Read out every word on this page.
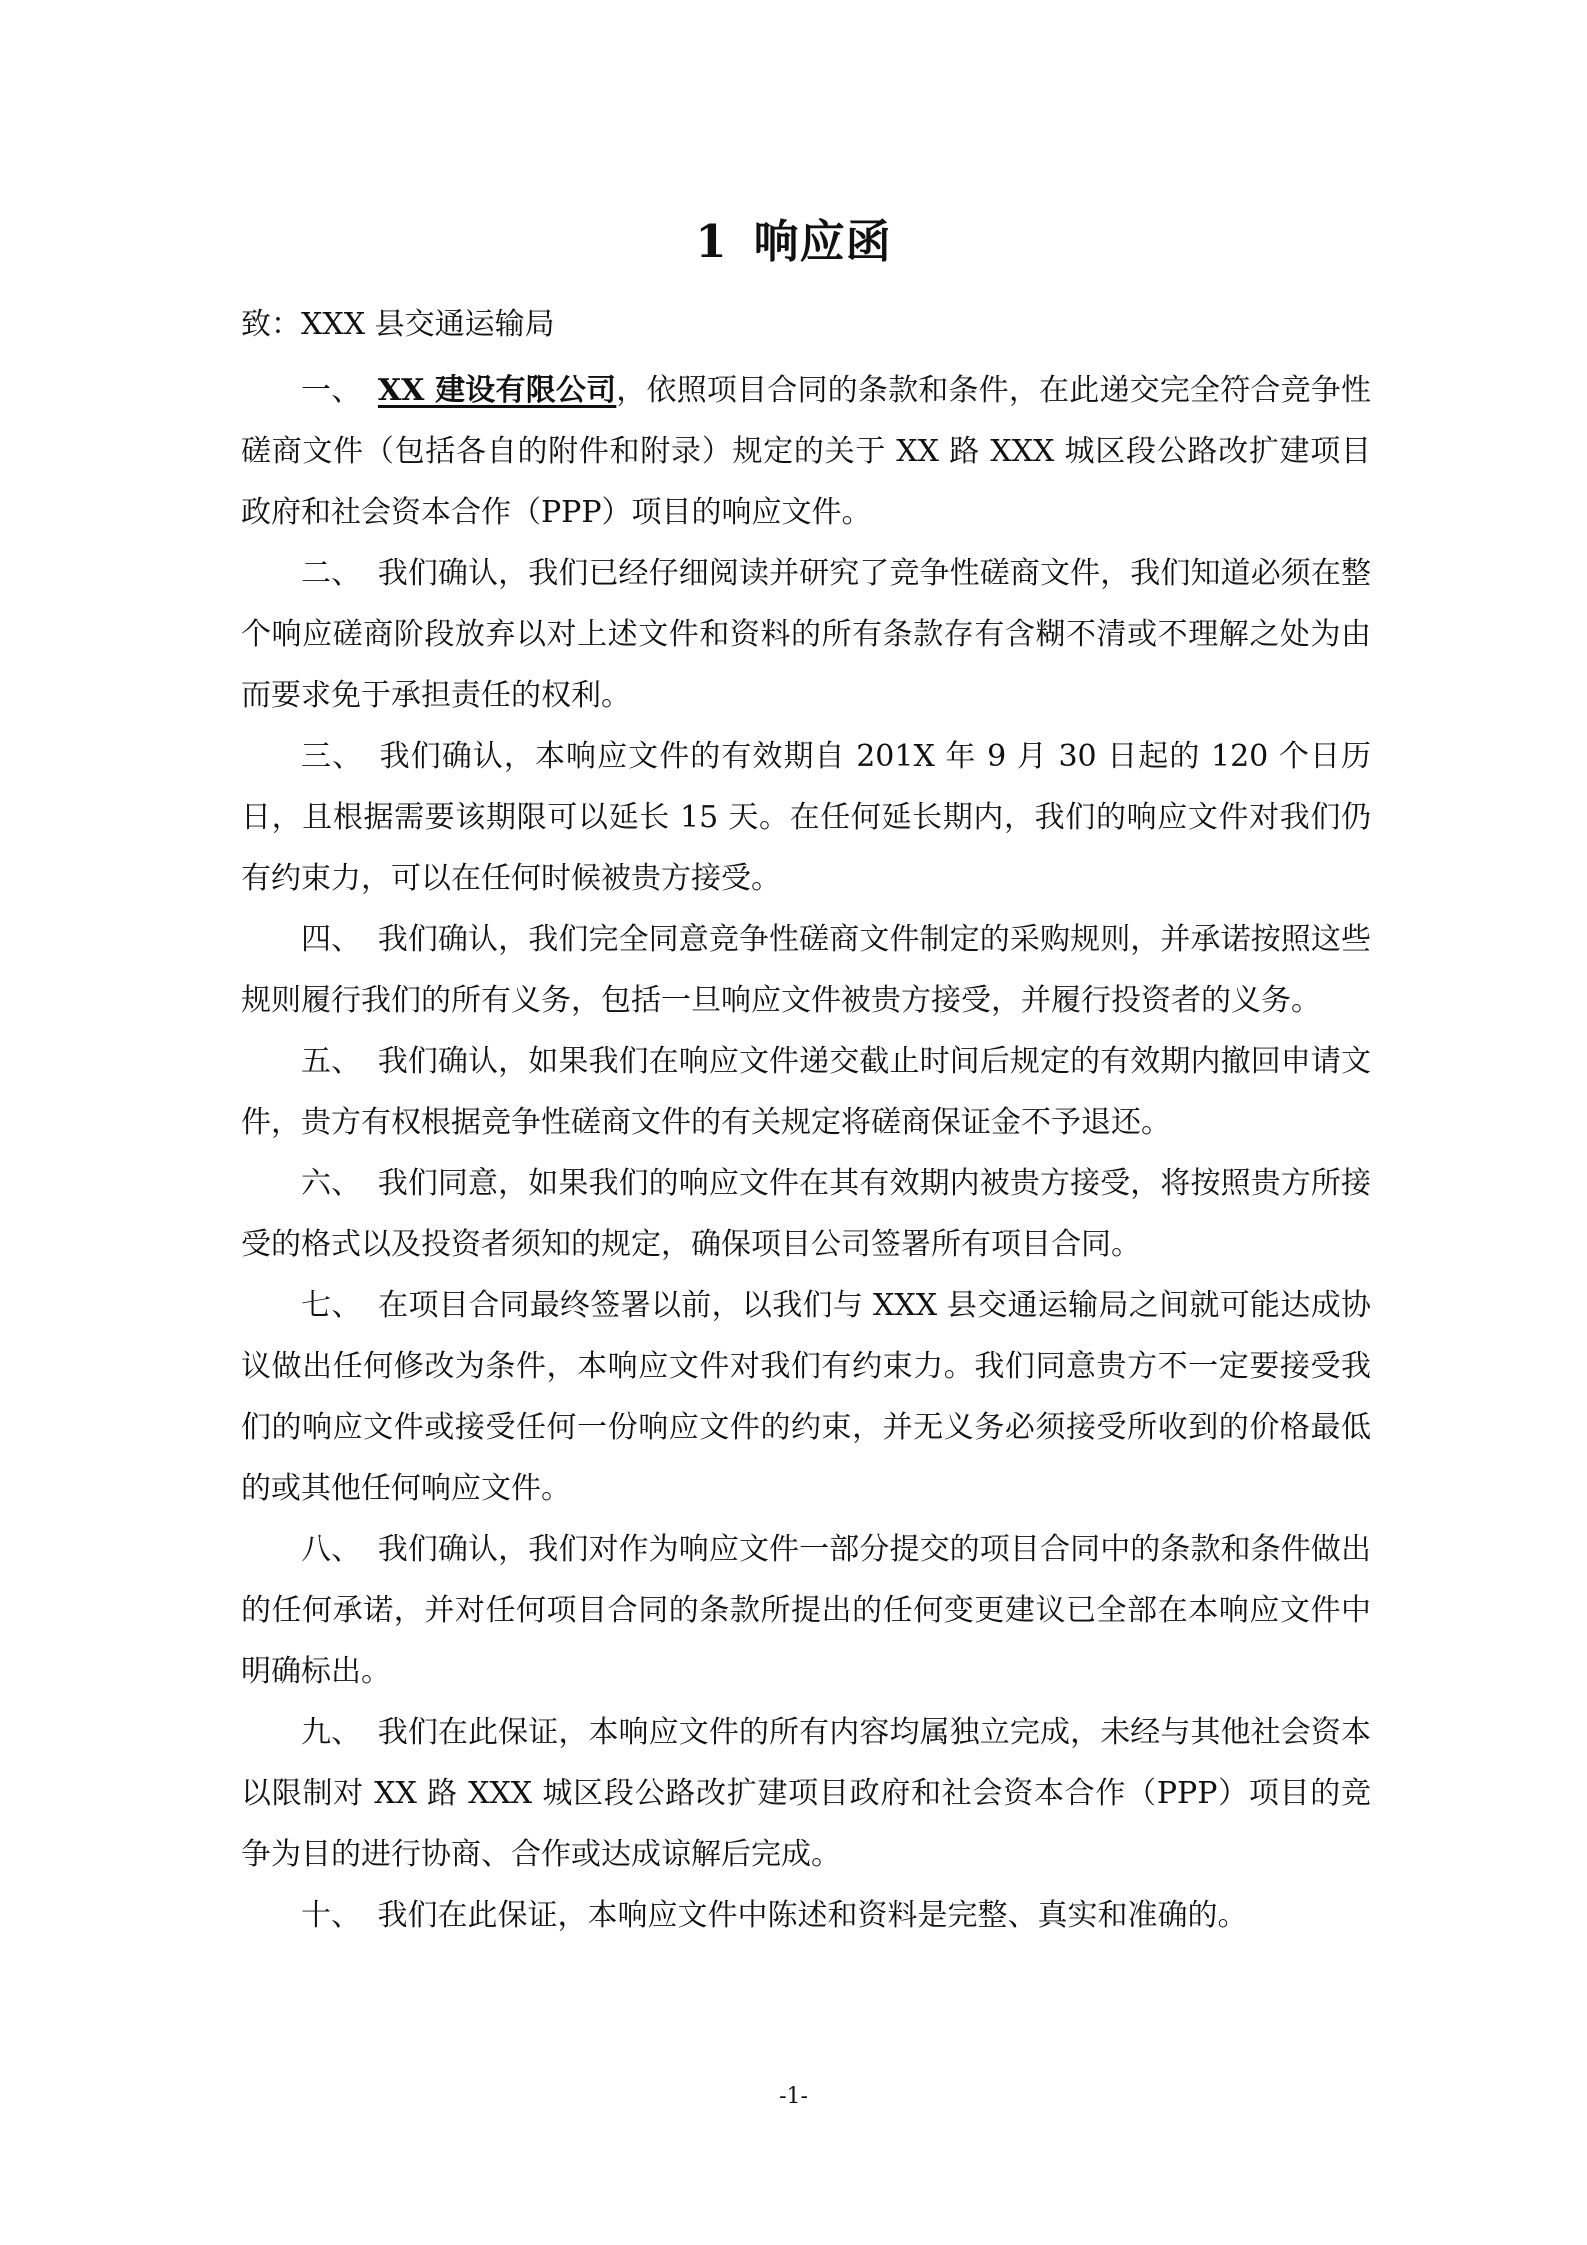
1 响应函
致：XXX 县交通运输局

一、 XX 建设有限公司，依照项目合同的条款和条件，在此递交完全符合竞争性磋商文件（包括各自的附件和附录）规定的关于 XX 路 XXX 城区段公路改扩建项目政府和社会资本合作（PPP）项目的响应文件。

二、 我们确认，我们已经仔细阅读并研究了竞争性磋商文件，我们知道必须在整个响应磋商阶段放弃以对上述文件和资料的所有条款存有含糊不清或不理解之处为由而要求免于承担责任的权利。

三、 我们确认，本响应文件的有效期自 201X 年 9 月 30 日起的 120 个日历日，且根据需要该期限可以延长 15 天。在任何延长期内，我们的响应文件对我们仍有约束力，可以在任何时候被贵方接受。

四、 我们确认，我们完全同意竞争性磋商文件制定的采购规则，并承诺按照这些规则履行我们的所有义务，包括一旦响应文件被贵方接受，并履行投资者的义务。

五、 我们确认，如果我们在响应文件递交截止时间后规定的有效期内撤回申请文件，贵方有权根据竞争性磋商文件的有关规定将磋商保证金不予退还。

六、 我们同意，如果我们的响应文件在其有效期内被贵方接受，将按照贵方所接受的格式以及投资者须知的规定，确保项目公司签署所有项目合同。

七、 在项目合同最终签署以前，以我们与 XXX 县交通运输局之间就可能达成协议做出任何修改为条件，本响应文件对我们有约束力。我们同意贵方不一定要接受我们的响应文件或接受任何一份响应文件的约束，并无义务必须接受所收到的价格最低的或其他任何响应文件。

八、 我们确认，我们对作为响应文件一部分提交的项目合同中的条款和条件做出的任何承诺，并对任何项目合同的条款所提出的任何变更建议已全部在本响应文件中明确标出。

九、 我们在此保证，本响应文件的所有内容均属独立完成，未经与其他社会资本以限制对 XX 路 XXX 城区段公路改扩建项目政府和社会资本合作（PPP）项目的竞争为目的进行协商、合作或达成谅解后完成。

十、 我们在此保证，本响应文件中陈述和资料是完整、真实和准确的。

-1-
